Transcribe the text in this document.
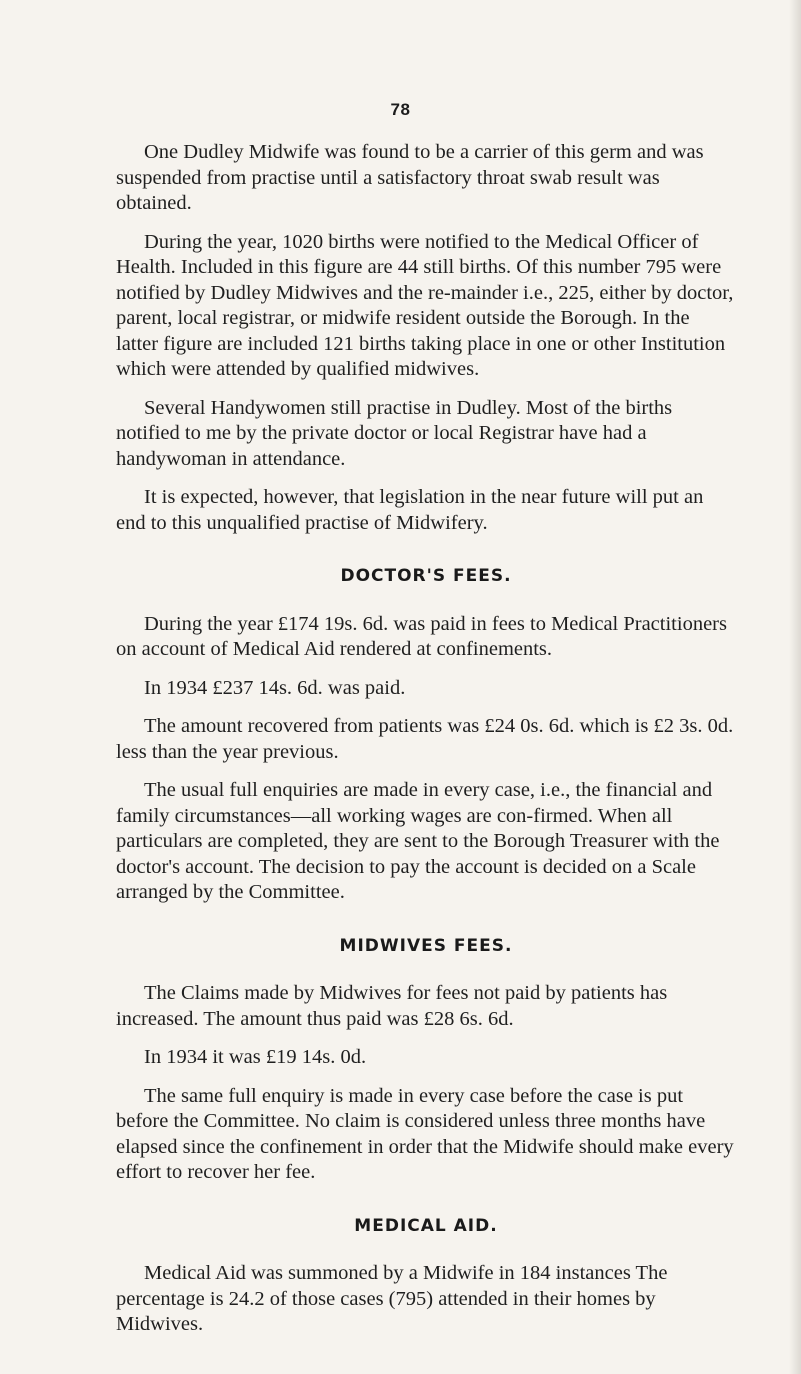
78

One Dudley Midwife was found to be a carrier of this germ and was suspended from practise until a satisfactory throat swab result was obtained.

During the year, 1020 births were notified to the Medical Officer of Health. Included in this figure are 44 still births. Of this number 795 were notified by Dudley Midwives and the re-mainder i.e., 225, either by doctor, parent, local registrar, or midwife resident outside the Borough. In the latter figure are included 121 births taking place in one or other Institution which were attended by qualified midwives.

Several Handywomen still practise in Dudley. Most of the births notified to me by the private doctor or local Registrar have had a handywoman in attendance.

It is expected, however, that legislation in the near future will put an end to this unqualified practise of Midwifery.

DOCTOR'S FEES.

During the year £174 19s. 6d. was paid in fees to Medical Practitioners on account of Medical Aid rendered at confinements.

In 1934 £237 14s. 6d. was paid.

The amount recovered from patients was £24 0s. 6d. which is £2 3s. 0d. less than the year previous.

The usual full enquiries are made in every case, i.e., the financial and family circumstances—all working wages are con-firmed. When all particulars are completed, they are sent to the Borough Treasurer with the doctor's account. The decision to pay the account is decided on a Scale arranged by the Committee.

MIDWIVES FEES.

The Claims made by Midwives for fees not paid by patients has increased. The amount thus paid was £28 6s. 6d.

In 1934 it was £19 14s. 0d.

The same full enquiry is made in every case before the case is put before the Committee. No claim is considered unless three months have elapsed since the confinement in order that the Midwife should make every effort to recover her fee.

MEDICAL AID.

Medical Aid was summoned by a Midwife in 184 instances The percentage is 24.2 of those cases (795) attended in their homes by Midwives.
